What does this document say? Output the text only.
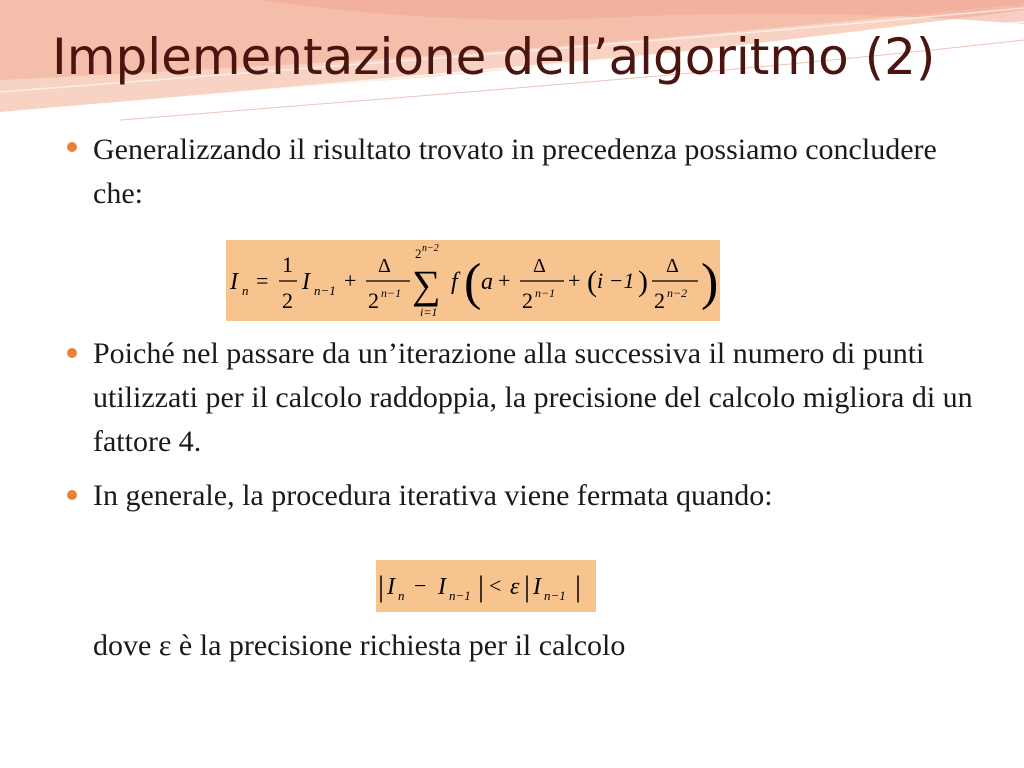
Implementazione dell’algoritmo (2)

Generalizzando il risultato trovato in precedenza possiamo concludere che:

I n =
1
2
I n−1 +
Δ
2 n−1
2 n−2
∑
i=1
f ( a +
Δ
2 n−1 + ( i −1 ) Δ
2 n−2 )

Poiché nel passare da un’iterazione alla successiva il numero di punti utilizzati per il calcolo raddoppia, la precisione del calcolo migliora di un fattore 4.

In generale, la procedura iterativa viene fermata quando:

| I n − I n−1 | < ε | I n−1 |

dove ε è la precisione richiesta per il calcolo
